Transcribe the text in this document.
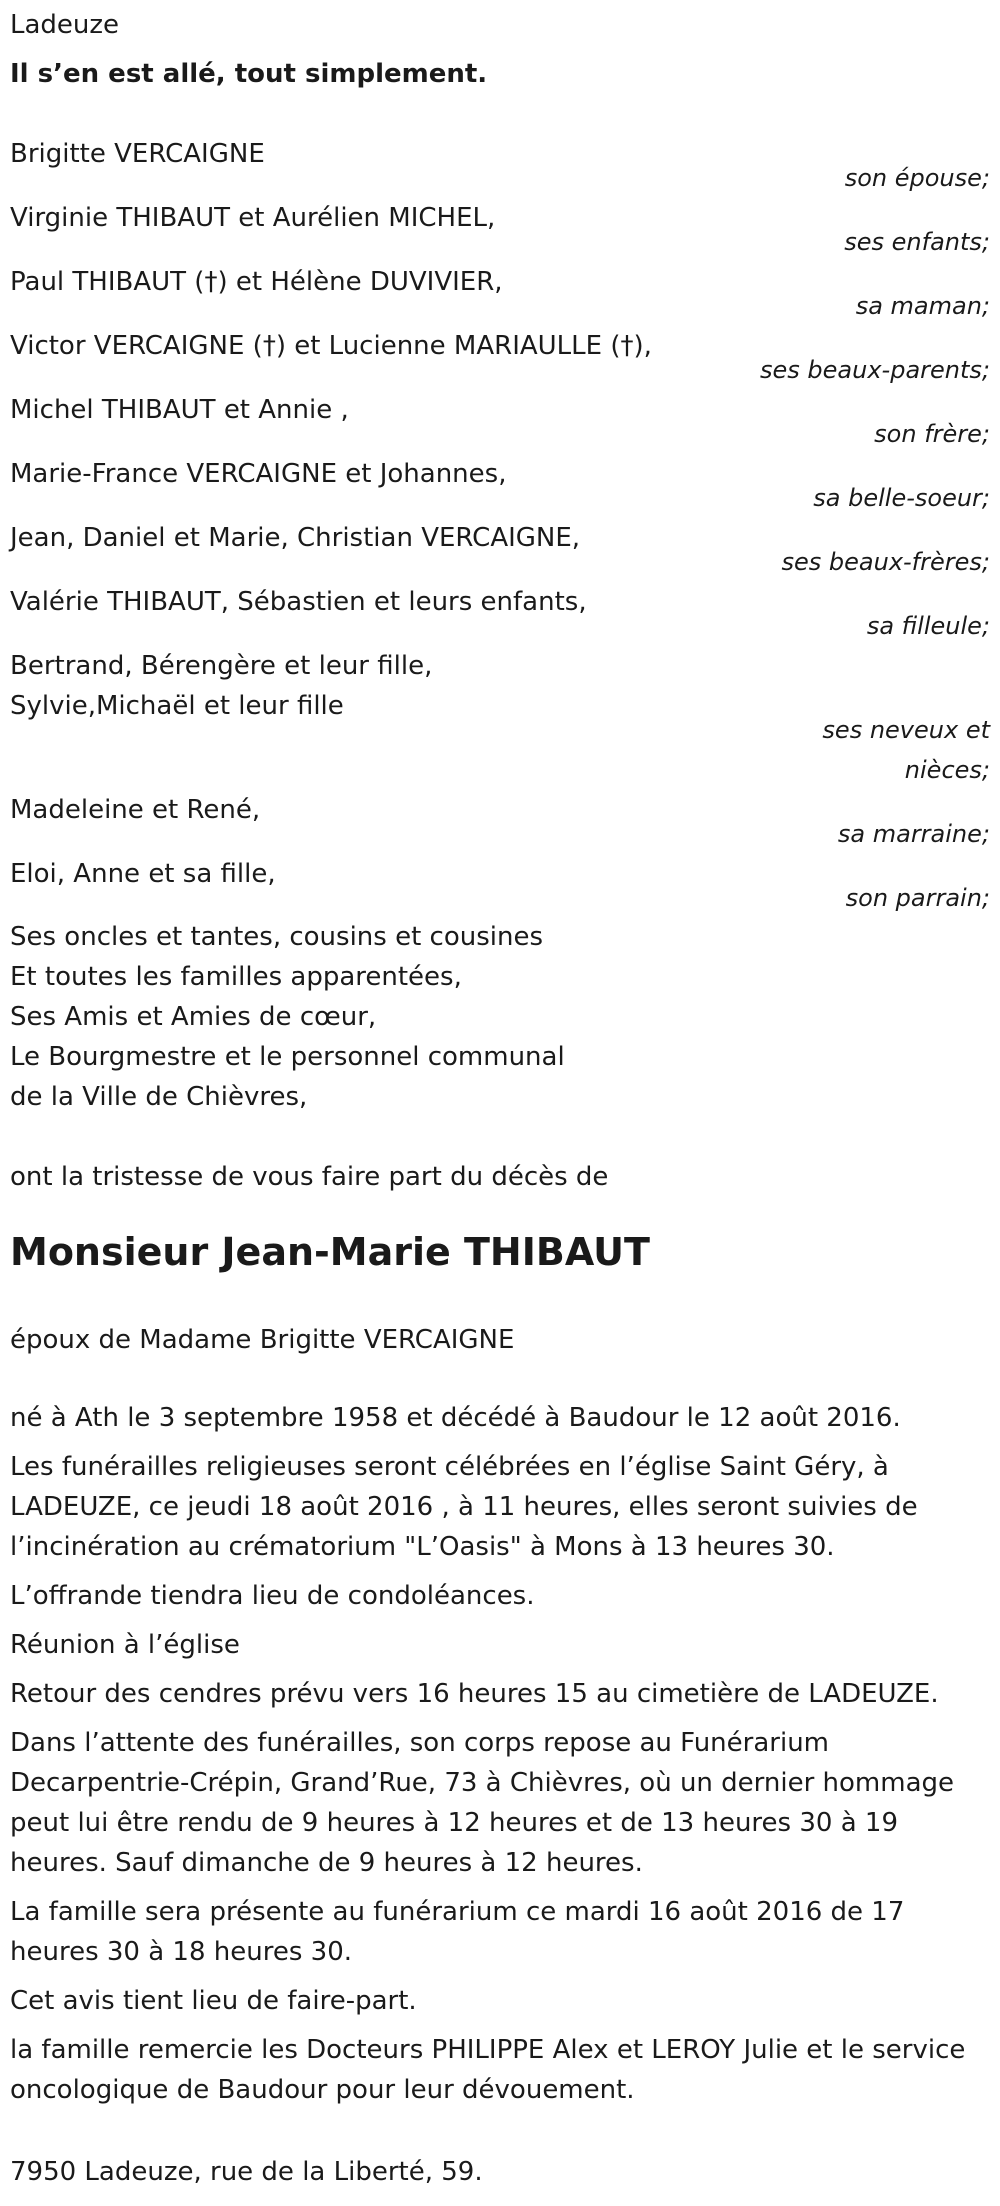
Ladeuze

Il s’en est allé, tout simplement.

Brigitte VERCAIGNE

son épouse;

Virginie THIBAUT et Aurélien MICHEL,

ses enfants;

Paul THIBAUT (†) et Hélène DUVIVIER,

sa maman;

Victor VERCAIGNE (†) et Lucienne MARIAULLE (†),

ses beaux-parents;

Michel THIBAUT et Annie ,

son frère;

Marie-France VERCAIGNE et Johannes,

sa belle-soeur;

Jean, Daniel et Marie, Christian VERCAIGNE,

ses beaux-frères;

Valérie THIBAUT, Sébastien et leurs enfants,

sa filleule;

Bertrand, Bérengère et leur fille,

Sylvie,Michaël et leur fille

ses neveux et

nièces;

Madeleine et René,

sa marraine;

Eloi, Anne et sa fille,

son parrain;

Ses oncles et tantes, cousins et cousines

Et toutes les familles apparentées,

Ses Amis et Amies de cœur,

Le Bourgmestre et le personnel communal

de la Ville de Chièvres,

ont la tristesse de vous faire part du décès de

Monsieur Jean-Marie THIBAUT

époux de Madame Brigitte VERCAIGNE

né à Ath le 3 septembre 1958 et décédé à Baudour le 12 août 2016.

Les funérailles religieuses seront célébrées en l’église Saint Géry, à LADEUZE, ce jeudi 18 août 2016 , à 11 heures, elles seront suivies de l’incinération au crématorium "L’Oasis" à Mons à 13 heures 30.

L’offrande tiendra lieu de condoléances.

Réunion à l’église

Retour des cendres prévu vers 16 heures 15 au cimetière de LADEUZE.

Dans l’attente des funérailles, son corps repose au Funérarium Decarpentrie-Crépin, Grand’Rue, 73 à Chièvres, où un dernier hommage peut lui être rendu de 9 heures à 12 heures et de 13 heures 30 à 19 heures. Sauf dimanche de 9 heures à 12 heures.

La famille sera présente au funérarium ce mardi 16 août 2016 de 17 heures 30 à 18 heures 30.

Cet avis tient lieu de faire-part.

la famille remercie les Docteurs PHILIPPE Alex et LEROY Julie et le service oncologique de Baudour pour leur dévouement.

7950 Ladeuze, rue de la Liberté, 59.
